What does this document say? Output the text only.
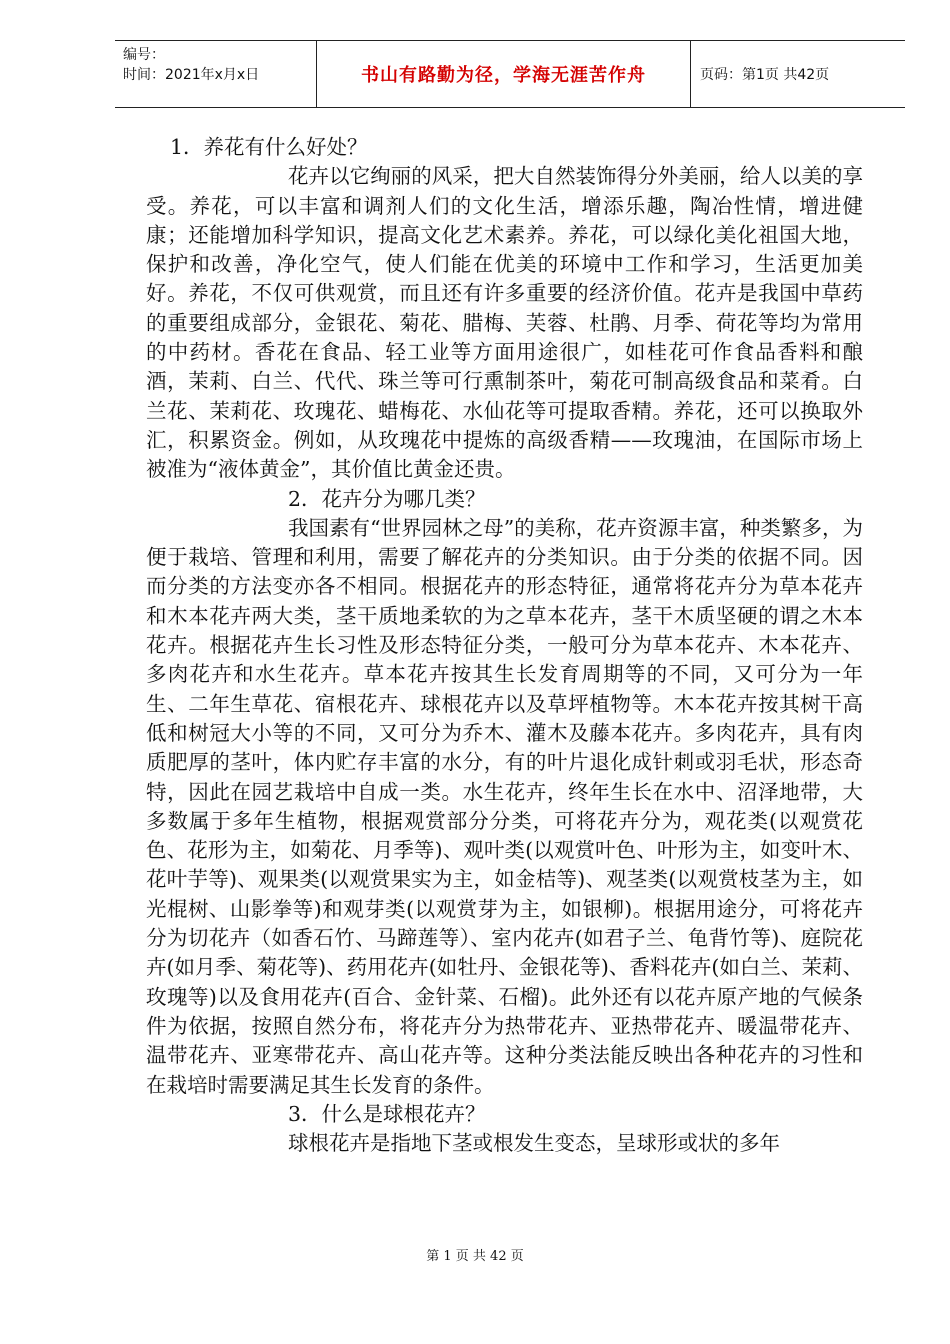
编号：
时间：2021年x月x日	书山有路勤为径，学海无涯苦作舟	页码：第1页 共42页

1．养花有什么好处？

花卉以它绚丽的风采，把大自然装饰得分外美丽，给人以美的享受。养花，可以丰富和调剂人们的文化生活，增添乐趣，陶冶性情，增进健康；还能增加科学知识，提高文化艺术素养。养花，可以绿化美化祖国大地，保护和改善，净化空气，使人们能在优美的环境中工作和学习，生活更加美好。养花，不仅可供观赏，而且还有许多重要的经济价值。花卉是我国中草药的重要组成部分，金银花、菊花、腊梅、芙蓉、杜鹃、月季、荷花等均为常用的中药材。香花在食品、轻工业等方面用途很广，如桂花可作食品香料和酿酒，茉莉、白兰、代代、珠兰等可行熏制茶叶，菊花可制高级食品和菜肴。白兰花、茉莉花、玫瑰花、蜡梅花、水仙花等可提取香精。养花，还可以换取外汇，积累资金。例如，从玫瑰花中提炼的高级香精——玫瑰油，在国际市场上被准为“液体黄金”，其价值比黄金还贵。

2．花卉分为哪几类？

我国素有“世界园林之母”的美称，花卉资源丰富，种类繁多，为便于栽培、管理和利用，需要了解花卉的分类知识。由于分类的依据不同。因而分类的方法变亦各不相同。根据花卉的形态特征，通常将花卉分为草本花卉和木本花卉两大类，茎干质地柔软的为之草本花卉，茎干木质坚硬的谓之木本花卉。根据花卉生长习性及形态特征分类，一般可分为草本花卉、木本花卉、多肉花卉和水生花卉。草本花卉按其生长发育周期等的不同，又可分为一年生、二年生草花、宿根花卉、球根花卉以及草坪植物等。木本花卉按其树干高低和树冠大小等的不同，又可分为乔木、灌木及藤本花卉。多肉花卉，具有肉质肥厚的茎叶，体内贮存丰富的水分，有的叶片退化成针刺或羽毛状，形态奇特，因此在园艺栽培中自成一类。水生花卉，终年生长在水中、沼泽地带，大多数属于多年生植物，根据观赏部分分类，可将花卉分为，观花类(以观赏花色、花形为主，如菊花、月季等)、观叶类(以观赏叶色、叶形为主，如变叶木、花叶芋等)、观果类(以观赏果实为主，如金桔等)、观茎类(以观赏枝茎为主，如光棍树、山影拳等)和观芽类(以观赏芽为主，如银柳)。根据用途分，可将花卉分为切花卉（如香石竹、马蹄莲等）、室内花卉(如君子兰、龟背竹等)、庭院花卉(如月季、菊花等)、药用花卉(如牡丹、金银花等)、香料花卉(如白兰、茉莉、玫瑰等)以及食用花卉(百合、金针菜、石榴)。此外还有以花卉原产地的气候条件为依据，按照自然分布，将花卉分为热带花卉、亚热带花卉、暖温带花卉、温带花卉、亚寒带花卉、高山花卉等。这种分类法能反映出各种花卉的习性和在栽培时需要满足其生长发育的条件。

3．什么是球根花卉？

球根花卉是指地下茎或根发生变态，呈球形或状的多年

第 1 页 共 42 页
